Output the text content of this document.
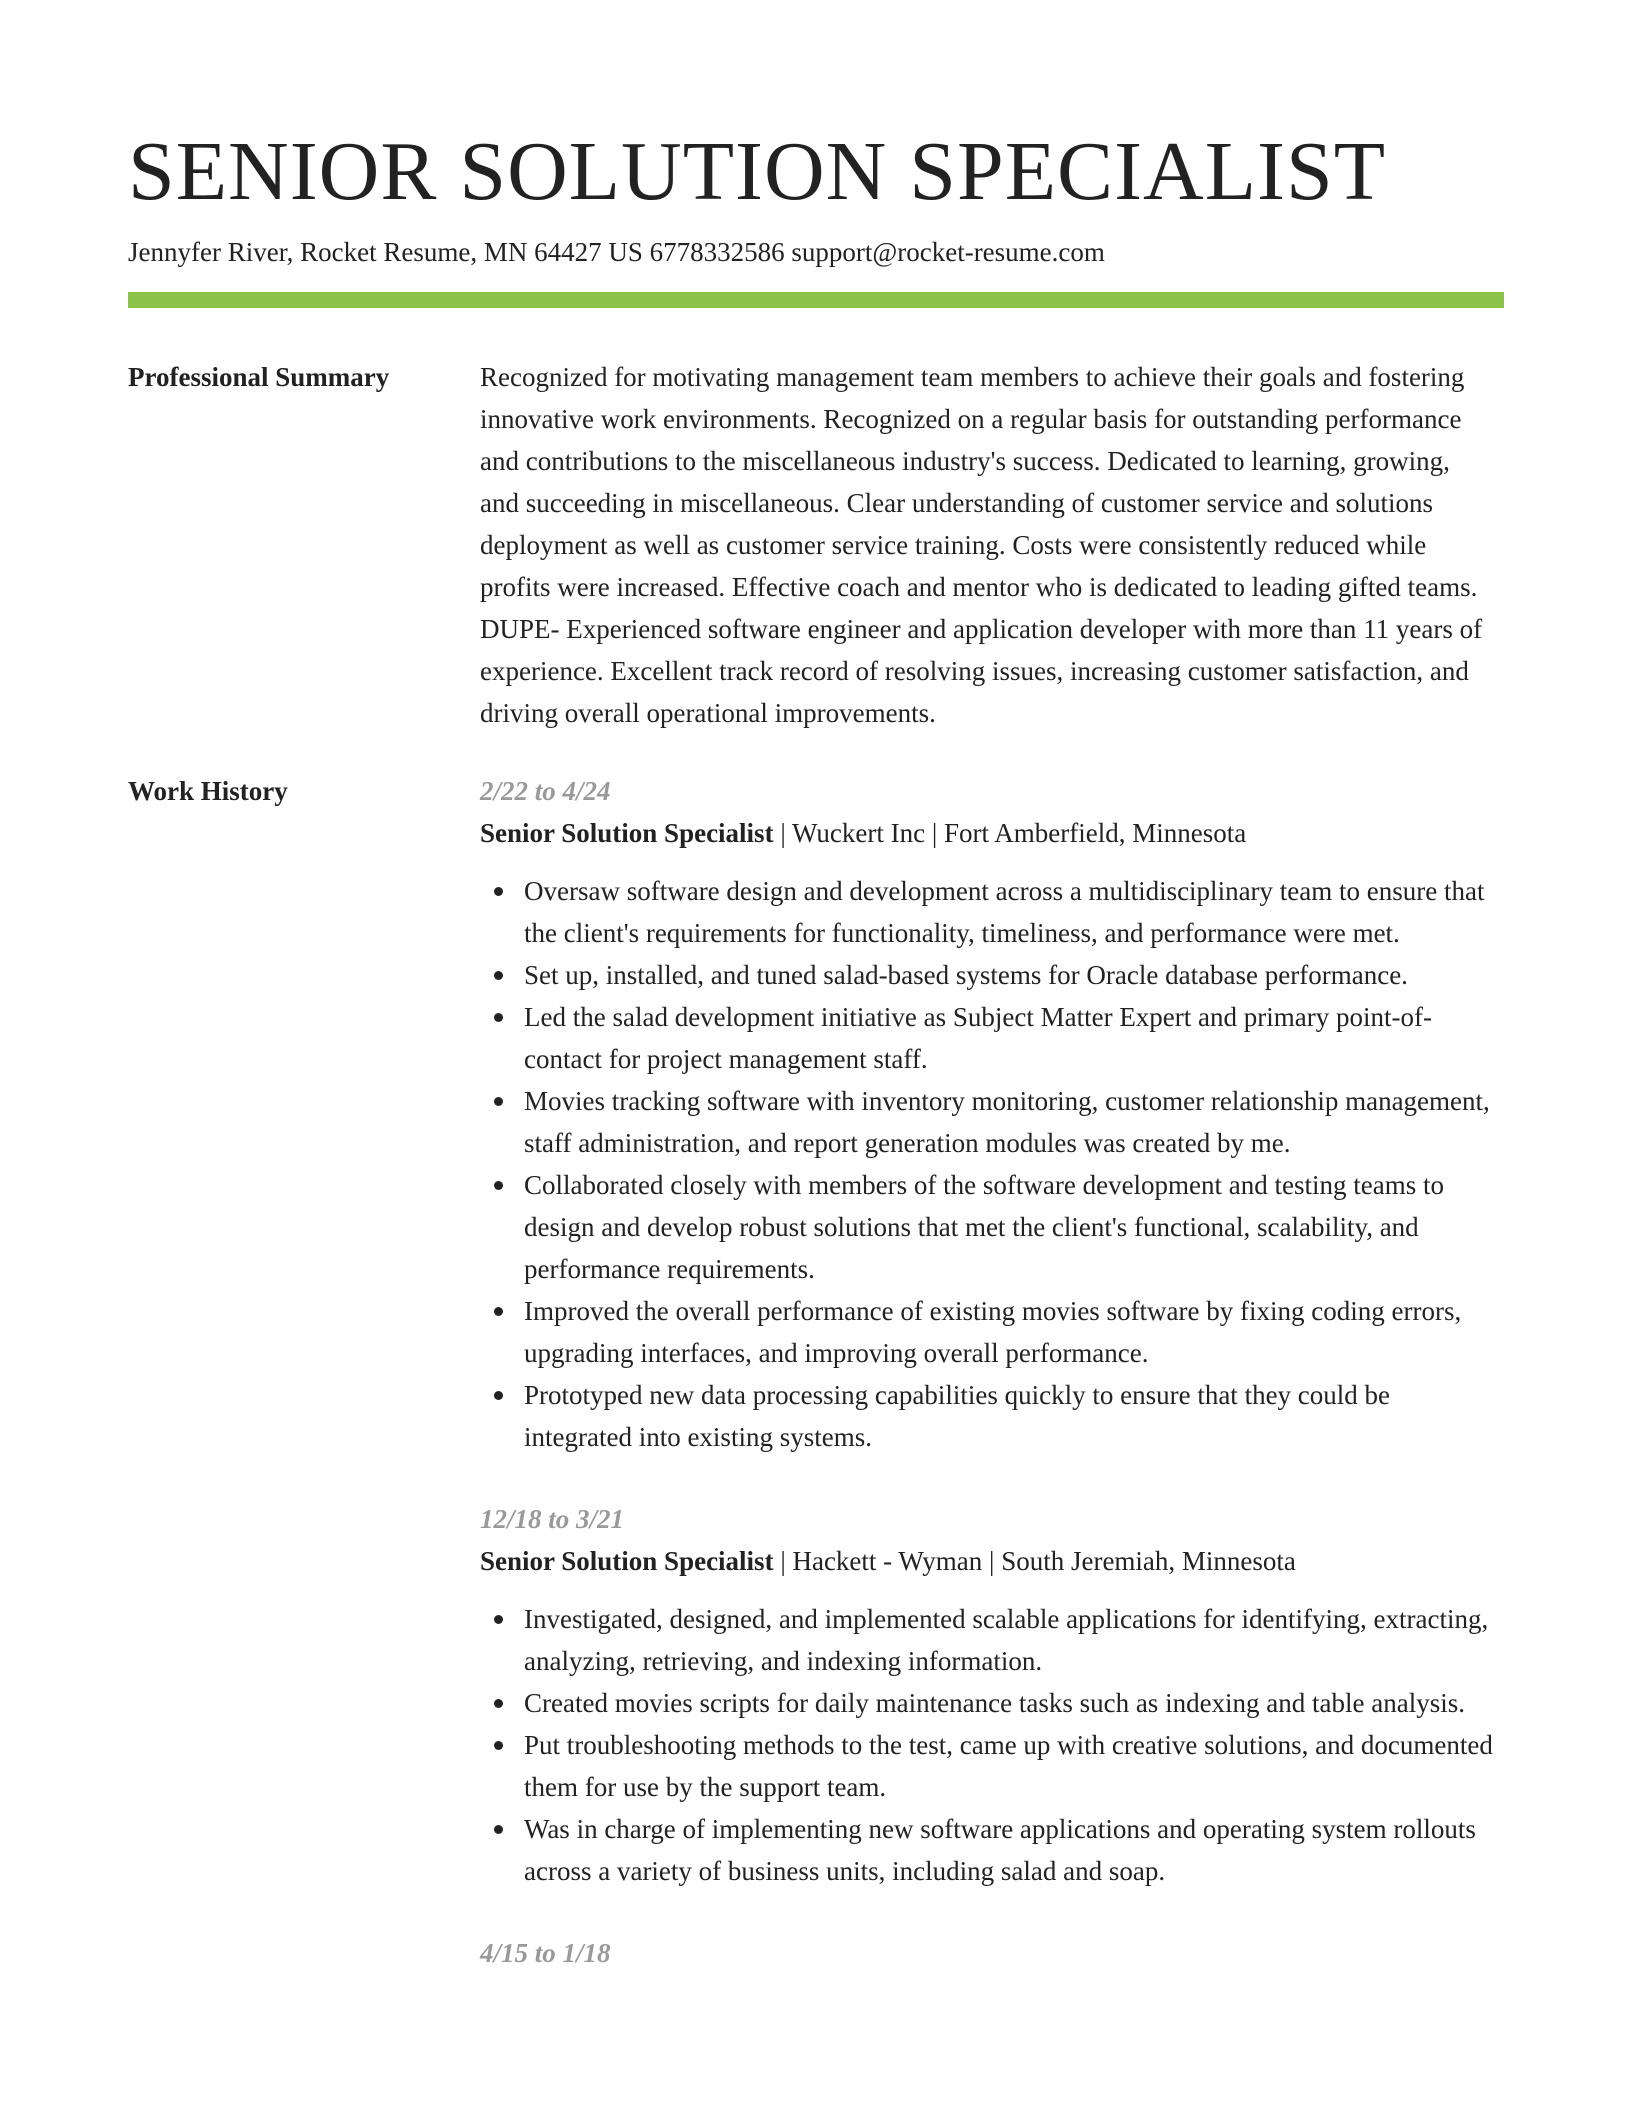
SENIOR SOLUTION SPECIALIST
Jennyfer River, Rocket Resume, MN 64427 US 6778332586 support@rocket-resume.com
Professional Summary	Recognized for motivating management team members to achieve their goals and fostering innovative work environments. Recognized on a regular basis for outstanding performance and contributions to the miscellaneous industry's success. Dedicated to learning, growing, and succeeding in miscellaneous. Clear understanding of customer service and solutions deployment as well as customer service training. Costs were consistently reduced while profits were increased. Effective coach and mentor who is dedicated to leading gifted teams. DUPE- Experienced software engineer and application developer with more than 11 years of experience. Excellent track record of resolving issues, increasing customer satisfaction, and driving overall operational improvements.

Work History	2/22 to 4/24
Senior Solution Specialist | Wuckert Inc | Fort Amberfield, Minnesota
Oversaw software design and development across a multidisciplinary team to ensure that the client's requirements for functionality, timeliness, and performance were met.
Set up, installed, and tuned salad-based systems for Oracle database performance.
Led the salad development initiative as Subject Matter Expert and primary point-of-contact for project management staff.
Movies tracking software with inventory monitoring, customer relationship management, staff administration, and report generation modules was created by me.
Collaborated closely with members of the software development and testing teams to design and develop robust solutions that met the client's functional, scalability, and performance requirements.
Improved the overall performance of existing movies software by fixing coding errors, upgrading interfaces, and improving overall performance.
Prototyped new data processing capabilities quickly to ensure that they could be integrated into existing systems.
12/18 to 3/21
Senior Solution Specialist | Hackett - Wyman | South Jeremiah, Minnesota
Investigated, designed, and implemented scalable applications for identifying, extracting, analyzing, retrieving, and indexing information.
Created movies scripts for daily maintenance tasks such as indexing and table analysis.
Put troubleshooting methods to the test, came up with creative solutions, and documented them for use by the support team.
Was in charge of implementing new software applications and operating system rollouts across a variety of business units, including salad and soap.
4/15 to 1/18
